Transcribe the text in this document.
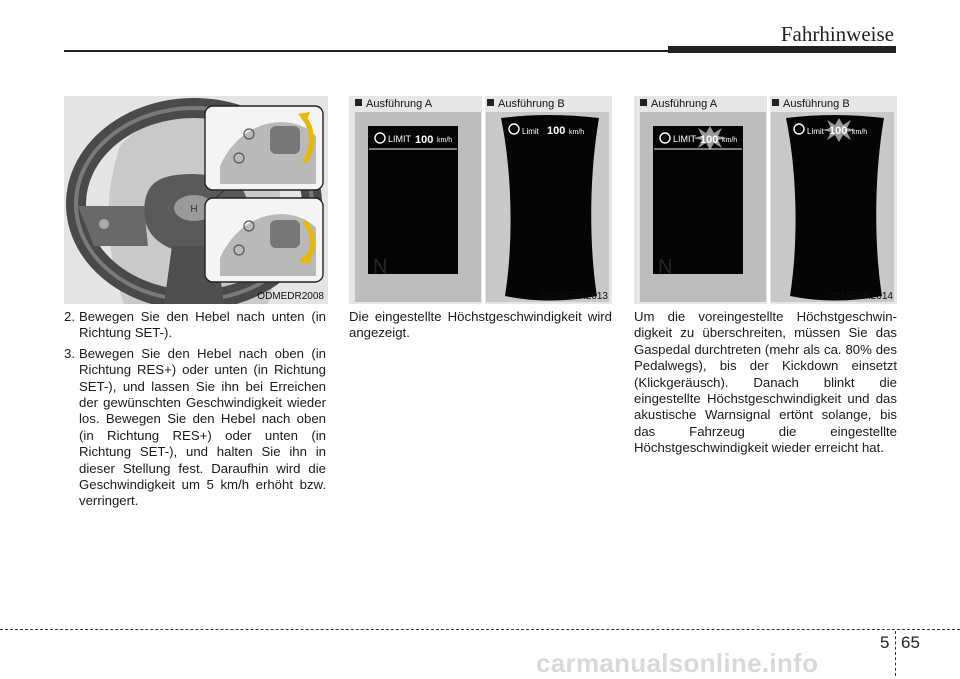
Fahrhinweise
H
ODMEDR2008
LIMIT 100 km/h
N
Limit 100 km/h
Ausführung A	Ausführung B
ODMEDR2013
LIMIT 100 km/h
N
Limit 100 km/h
Ausführung A	Ausführung B
ODMEDR2014
2. Bewegen Sie den Hebel nach unten (in Richtung SET-).
3. Bewegen Sie den Hebel nach oben (in Richtung RES+) oder unten (in Richtung SET-), und lassen Sie ihn bei Erreichen der gewünschten Geschwindigkeit wieder los. Bewegen Sie den Hebel nach oben (in Richtung RES+) oder unten (in Richtung SET-), und halten Sie ihn in dieser Stellung fest. Daraufhin wird die Geschwindigkeit um 5 km/h erhöht bzw. verringert.

Die eingestellte Höchstgeschwindigkeit wird angezeigt.

Um die voreingestellte Höchstgeschwin-digkeit zu überschreiten, müssen Sie das Gaspedal durchtreten (mehr als ca. 80% des Pedalwegs), bis der Kickdown einsetzt (Klickgeräusch). Danach blinkt die eingestellte Höchstgeschwindigkeit und das akustische Warnsignal ertönt solange, bis das Fahrzeug die eingestellte Höchstgeschwindigkeit wieder erreicht hat.

5 65
carmanualsonline.info
